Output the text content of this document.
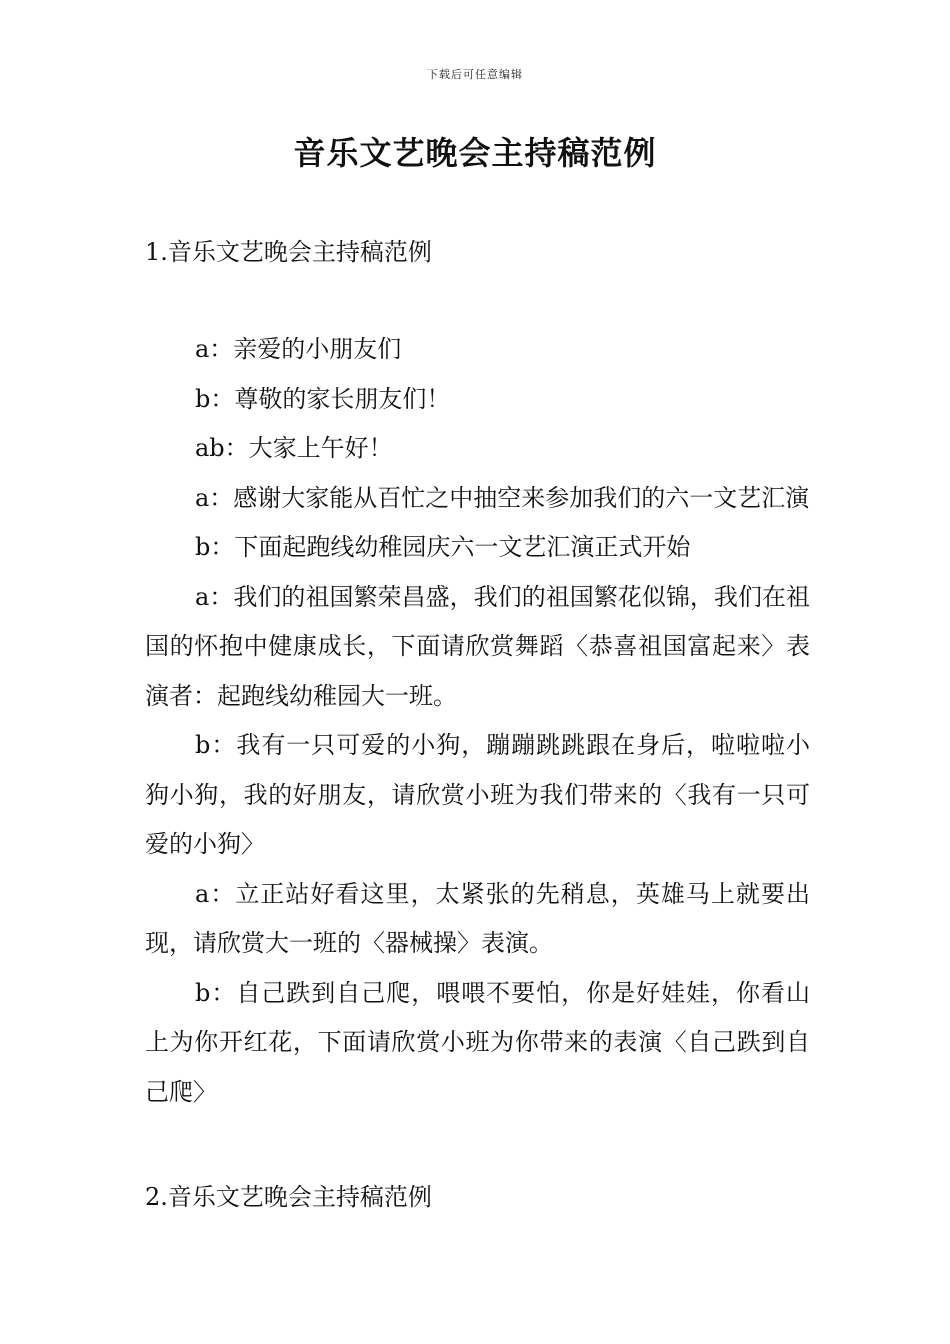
下载后可任意编辑
音乐文艺晚会主持稿范例
1.音乐文艺晚会主持稿范例

a：亲爱的小朋友们

b：尊敬的家长朋友们！

ab：大家上午好！

a：感谢大家能从百忙之中抽空来参加我们的六一文艺汇演

b：下面起跑线幼稚园庆六一文艺汇演正式开始

a：我们的祖国繁荣昌盛，我们的祖国繁花似锦，我们在祖国的怀抱中健康成长，下面请欣赏舞蹈〈恭喜祖国富起来〉表演者：起跑线幼稚园大一班。

b：我有一只可爱的小狗，蹦蹦跳跳跟在身后，啦啦啦小狗小狗，我的好朋友，请欣赏小班为我们带来的〈我有一只可爱的小狗〉

a：立正站好看这里，太紧张的先稍息，英雄马上就要出现，请欣赏大一班的〈器械操〉表演。

b：自己跌到自己爬，喂喂不要怕，你是好娃娃，你看山上为你开红花，下面请欣赏小班为你带来的表演〈自己跌到自己爬〉

2.音乐文艺晚会主持稿范例
